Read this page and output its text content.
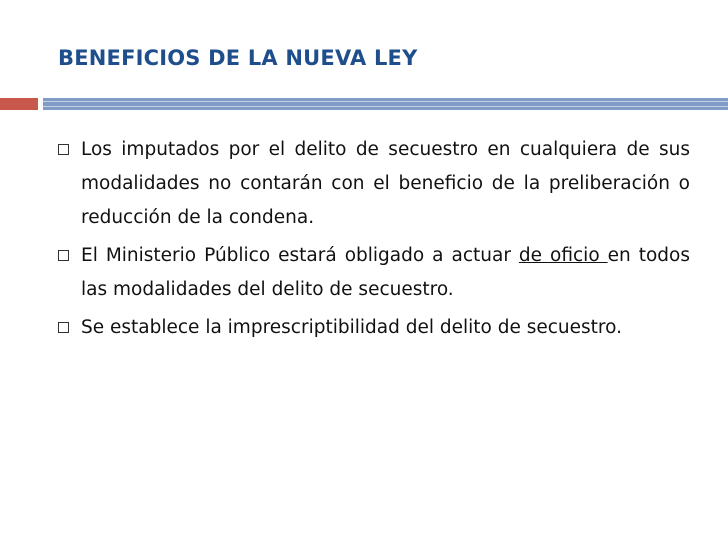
BENEFICIOS DE LA NUEVA LEY
Los imputados por el delito de secuestro en cualquiera de sus modalidades no contarán con el beneficio de la preliberación o reducción de la condena.
El Ministerio Público estará obligado a actuar de oficio en todos las modalidades del delito de secuestro.
Se establece la imprescriptibilidad del delito de secuestro.
